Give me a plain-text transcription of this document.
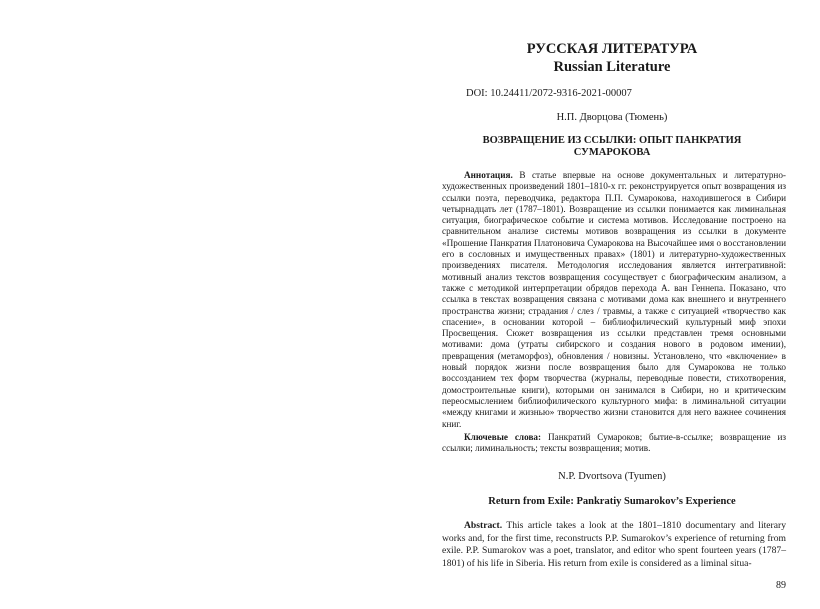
РУССКАЯ ЛИТЕРАТУРА
Russian Literature
DOI: 10.24411/2072-9316-2021-00007
Н.П. Дворцова (Тюмень)
ВОЗВРАЩЕНИЕ ИЗ ССЫЛКИ: ОПЫТ ПАНКРАТИЯ
СУМАРОКОВА

Аннотация. В статье впервые на основе документальных и литературно-художественных произведений 1801–1810-х гг. реконструируется опыт возвращения из ссылки поэта, переводчика, редактора П.П. Сумарокова, находившегося в Сибири четырнадцать лет (1787–1801). Возвращение из ссылки понимается как лиминальная ситуация, биографическое событие и система мотивов. Исследование построено на сравнительном анализе системы мотивов возвращения из ссылки в документе «Прошение Панкратия Платоновича Сумарокова на Высочайшее имя о восстановлении его в сословных и имущественных правах» (1801) и литературно-художественных произведениях писателя. Методология исследования является интегративной: мотивный анализ текстов возвращения сосуществует с биографическим анализом, а также с методикой интерпретации обрядов перехода А. ван Геннепа. Показано, что ссылка в текстах возвращения связана с мотивами дома как внешнего и внутреннего пространства жизни; страдания / слез / травмы, а также с ситуацией «творчество как спасение», в основании которой – библиофилический культурный миф эпохи Просвещения. Сюжет возвращения из ссылки представлен тремя основными мотивами: дома (утраты сибирского и создания нового в родовом имении), превращения (метаморфоз), обновления / новизны. Установлено, что «включение» в новый порядок жизни после возвращения было для Сумарокова не только воссозданием тех форм творчества (журналы, переводные повести, стихотворения, домостроительные книги), которыми он занимался в Сибири, но и критическим переосмыслением библиофилического культурного мифа: в лиминальной ситуации «между книгами и жизнью» творчество жизни становится для него важнее сочинения книг.

Ключевые слова: Панкратий Сумароков; бытие-в-ссылке; возвращение из ссылки; лиминальность; тексты возвращения; мотив.

N.P. Dvortsova (Tyumen)
Return from Exile: Pankratiy Sumarokov’s Experience

Abstract. This article takes a look at the 1801–1810 documentary and literary works and, for the first time, reconstructs P.P. Sumarokov’s experience of returning from exile. P.P. Sumarokov was a poet, translator, and editor who spent fourteen years (1787–1801) of his life in Siberia. His return from exile is considered as a liminal situa-

89
